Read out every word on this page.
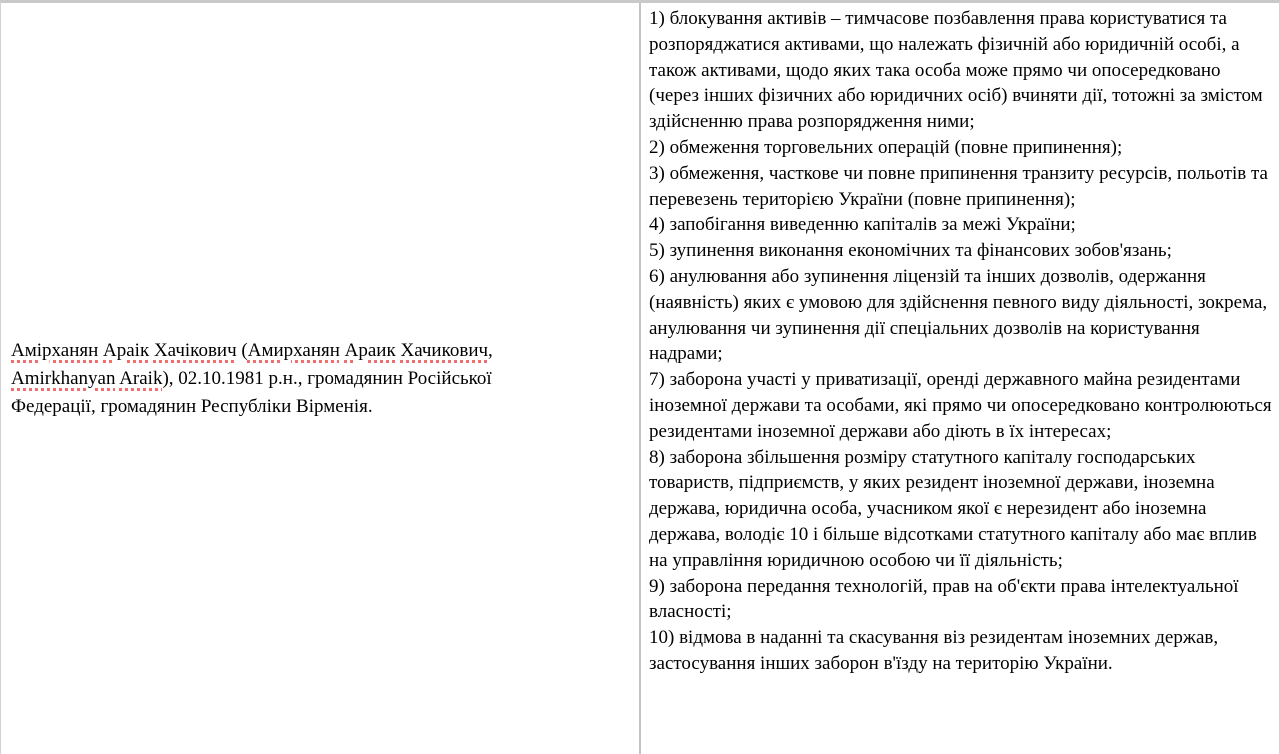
Амірханян Араік Хачікович (Амирханян Араик Хачикович,
Amirkhanyan Araik), 02.10.1981 р.н., громадянин Російської
Федерації, громадянин Республіки Вірменія.

1) блокування активів – тимчасове позбавлення права користуватися та розпоряджатися активами, що належать фізичній або юридичній особі, а також активами, щодо яких така особа може прямо чи опосередковано (через інших фізичних або юридичних осіб) вчиняти дії, тотожні за змістом здійсненню права розпорядження ними;

2) обмеження торговельних операцій (повне припинення);

3) обмеження, часткове чи повне припинення транзиту ресурсів, польотів та перевезень територією України (повне припинення);

4) запобігання виведенню капіталів за межі України;

5) зупинення виконання економічних та фінансових зобов'язань;

6) анулювання або зупинення ліцензій та інших дозволів, одержання (наявність) яких є умовою для здійснення певного виду діяльності, зокрема, анулювання чи зупинення дії спеціальних дозволів на користування надрами;

7) заборона участі у приватизації, оренді державного майна резидентами іноземної держави та особами, які прямо чи опосередковано контролюються резидентами іноземної держави або діють в їх інтересах;

8) заборона збільшення розміру статутного капіталу господарських товариств, підприємств, у яких резидент іноземної держави, іноземна держава, юридична особа, учасником якої є нерезидент або іноземна держава, володіє 10 і більше відсотками статутного капіталу або має вплив на управління юридичною особою чи її діяльність;

9) заборона передання технологій, прав на об'єкти права інтелектуальної власності;

10) відмова в наданні та скасування віз резидентам іноземних держав, застосування інших заборон в'їзду на територію України.
